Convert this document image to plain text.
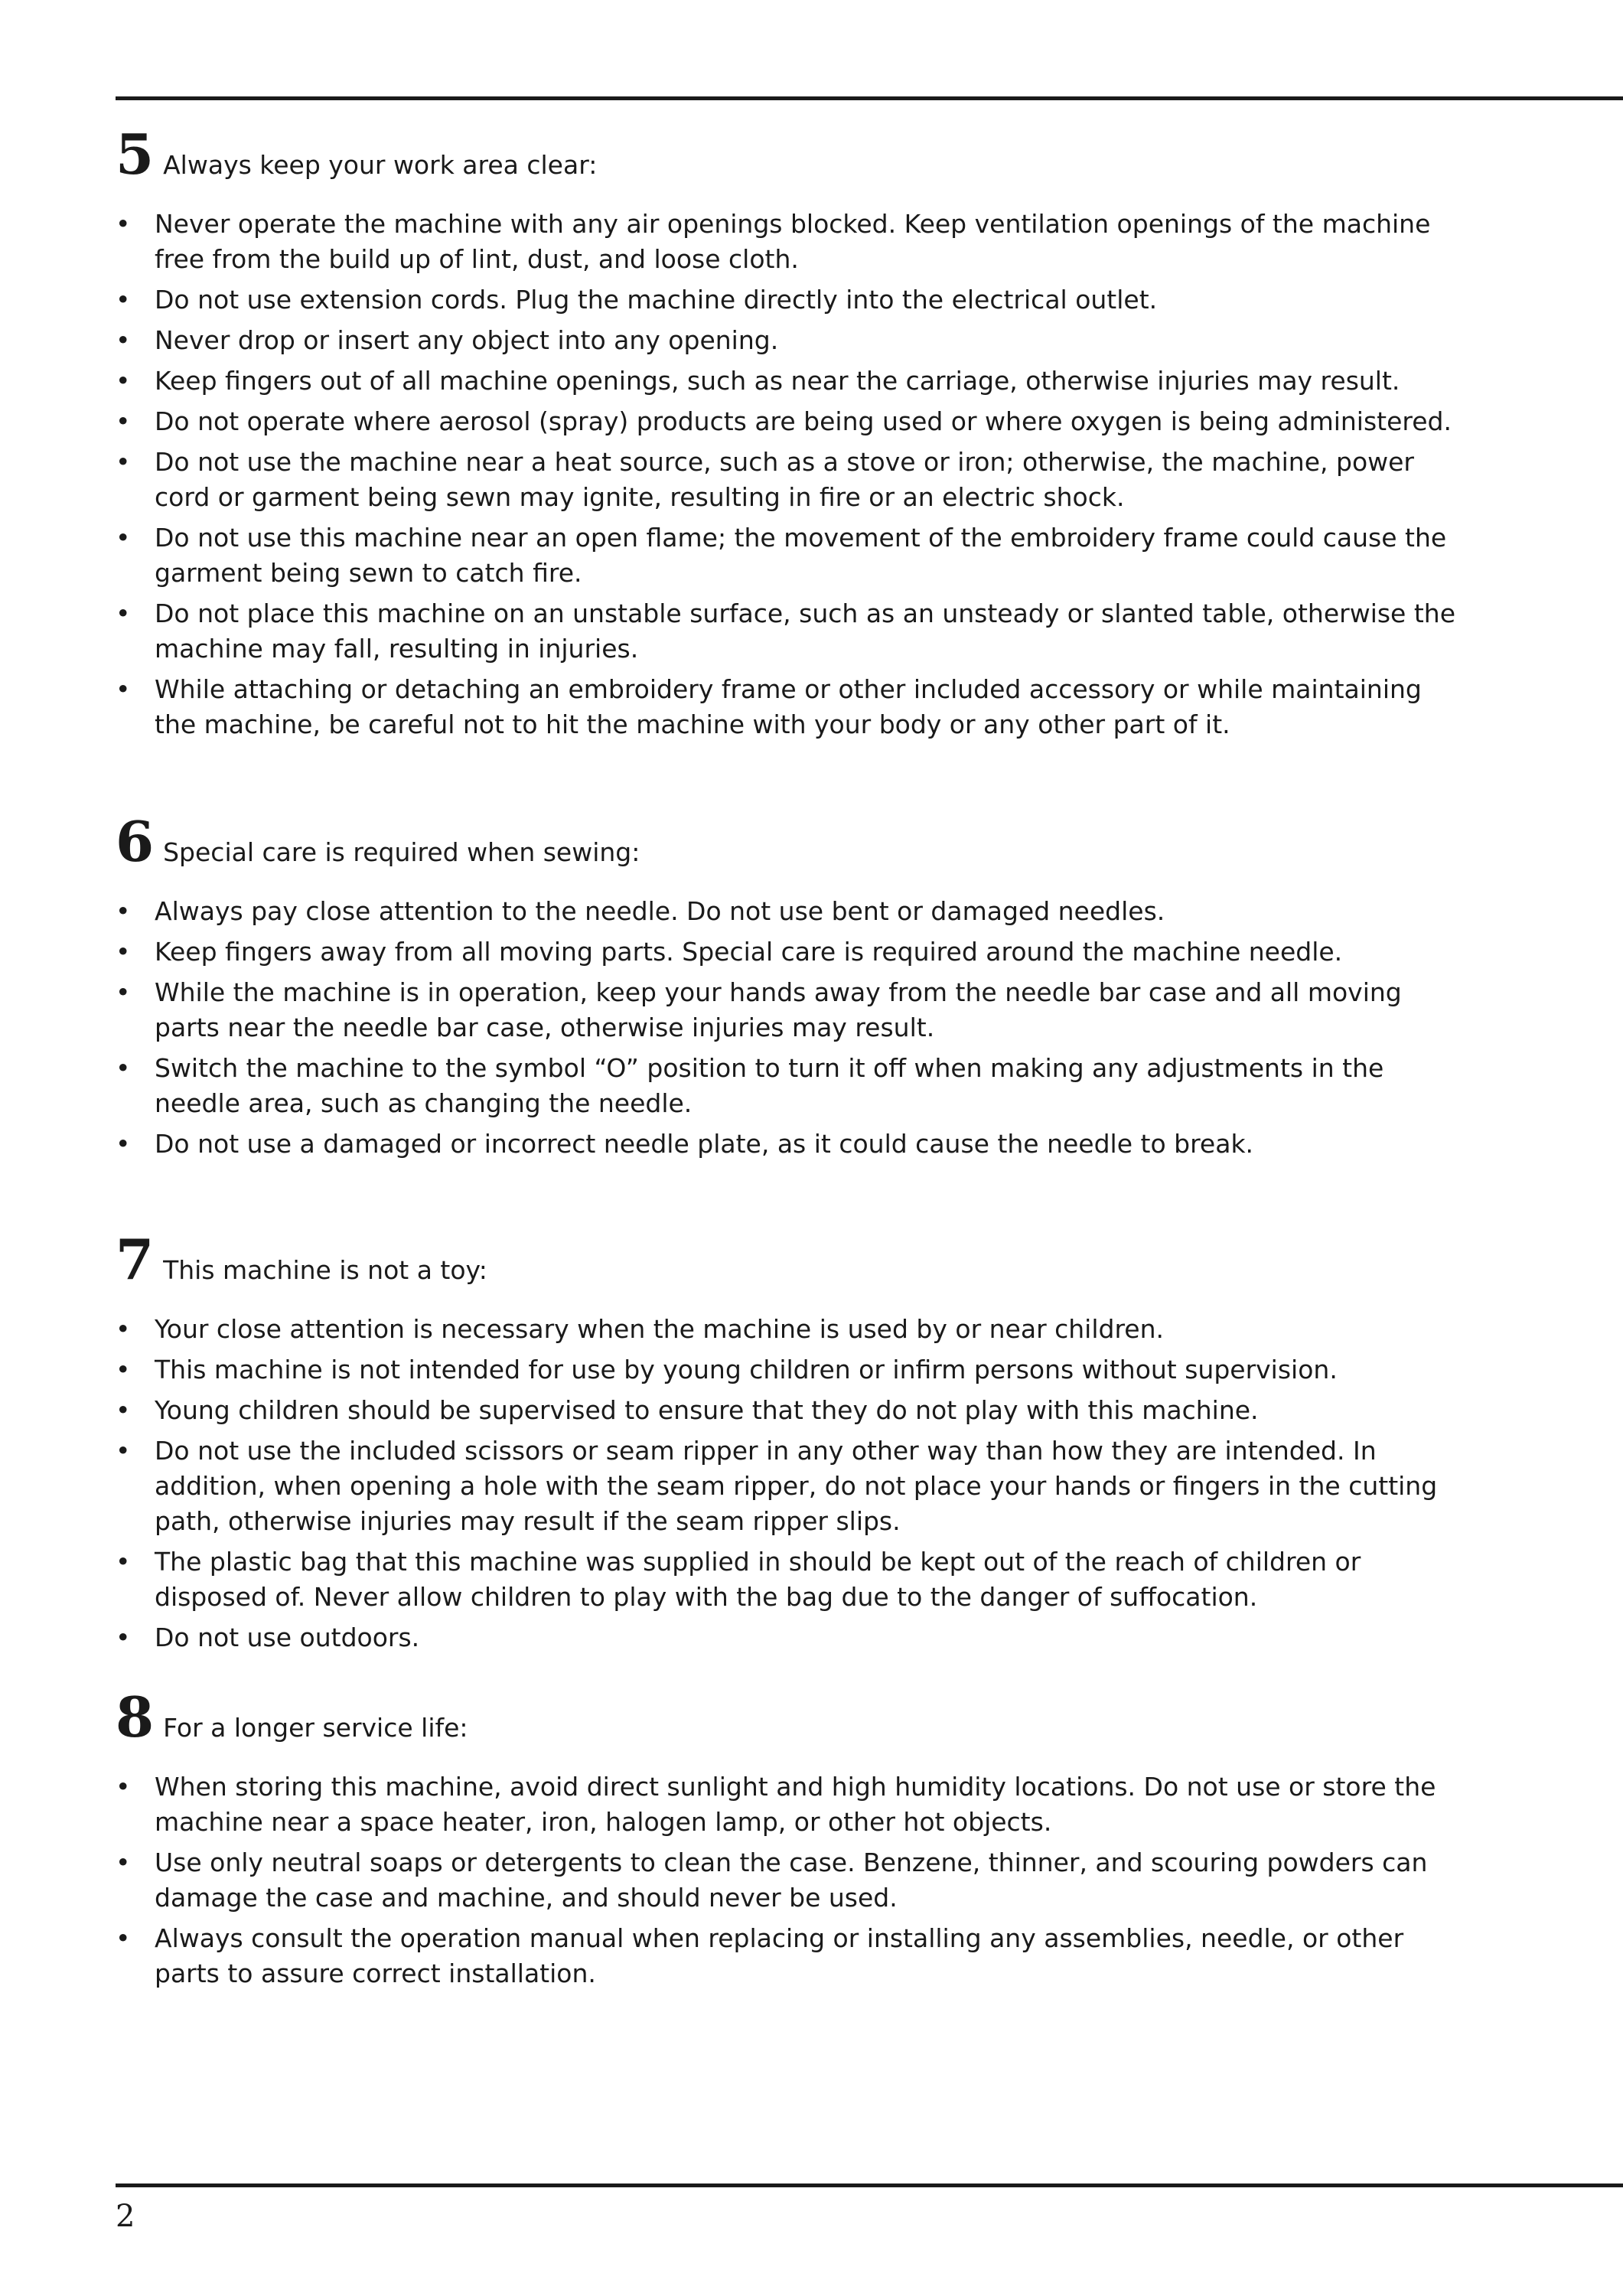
5 Always keep your work area clear:
• Never operate the machine with any air openings blocked. Keep ventilation openings of the machine free from the build up of lint, dust, and loose cloth.
• Do not use extension cords. Plug the machine directly into the electrical outlet.
• Never drop or insert any object into any opening.
• Keep fingers out of all machine openings, such as near the carriage, otherwise injuries may result.
• Do not operate where aerosol (spray) products are being used or where oxygen is being administered.
• Do not use the machine near a heat source, such as a stove or iron; otherwise, the machine, power cord or garment being sewn may ignite, resulting in fire or an electric shock.
• Do not use this machine near an open flame; the movement of the embroidery frame could cause the garment being sewn to catch fire.
• Do not place this machine on an unstable surface, such as an unsteady or slanted table, otherwise the machine may fall, resulting in injuries.
• While attaching or detaching an embroidery frame or other included accessory or while maintaining the machine, be careful not to hit the machine with your body or any other part of it.
6 Special care is required when sewing:
• Always pay close attention to the needle. Do not use bent or damaged needles.
• Keep fingers away from all moving parts. Special care is required around the machine needle.
• While the machine is in operation, keep your hands away from the needle bar case and all moving parts near the needle bar case, otherwise injuries may result.
• Switch the machine to the symbol “O” position to turn it off when making any adjustments in the needle area, such as changing the needle.
• Do not use a damaged or incorrect needle plate, as it could cause the needle to break.
7 This machine is not a toy:
• Your close attention is necessary when the machine is used by or near children.
• This machine is not intended for use by young children or infirm persons without supervision.
• Young children should be supervised to ensure that they do not play with this machine.
• Do not use the included scissors or seam ripper in any other way than how they are intended. In addition, when opening a hole with the seam ripper, do not place your hands or fingers in the cutting path, otherwise injuries may result if the seam ripper slips.
• The plastic bag that this machine was supplied in should be kept out of the reach of children or disposed of. Never allow children to play with the bag due to the danger of suffocation.
• Do not use outdoors.
8 For a longer service life:
• When storing this machine, avoid direct sunlight and high humidity locations. Do not use or store the machine near a space heater, iron, halogen lamp, or other hot objects.
• Use only neutral soaps or detergents to clean the case. Benzene, thinner, and scouring powders can damage the case and machine, and should never be used.
• Always consult the operation manual when replacing or installing any assemblies, needle, or other parts to assure correct installation.
2
